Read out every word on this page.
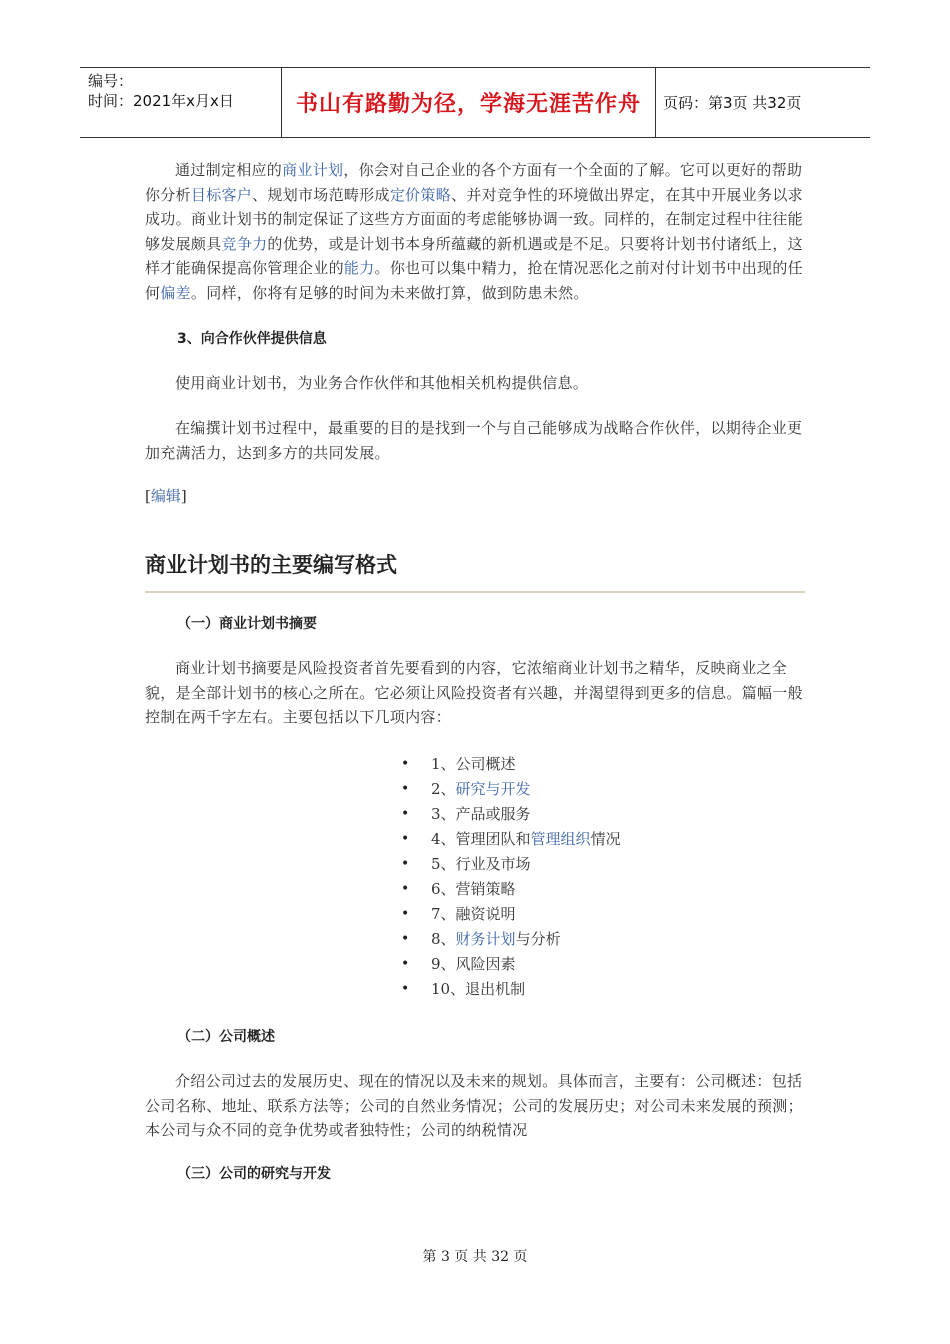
编号：
时间：2021年x月x日	书山有路勤为径，学海无涯苦作舟 页码：第3页 共32页

通过制定相应的商业计划，你会对自己企业的各个方面有一个全面的了解。它可以更好的帮助你分析目标客户、规划市场范畴形成定价策略、并对竞争性的环境做出界定，在其中开展业务以求成功。商业计划书的制定保证了这些方方面面的考虑能够协调一致。同样的，在制定过程中往往能够发展颇具竞争力的优势，或是计划书本身所蕴藏的新机遇或是不足。只要将计划书付诸纸上，这样才能确保提高你管理企业的能力。你也可以集中精力，抢在情况恶化之前对付计划书中出现的任何偏差。同样，你将有足够的时间为未来做打算，做到防患未然。

3、向合作伙伴提供信息

使用商业计划书，为业务合作伙伴和其他相关机构提供信息。

在编撰计划书过程中，最重要的目的是找到一个与自己能够成为战略合作伙伴，以期待企业更加充满活力，达到多方的共同发展。

[编辑]
商业计划书的主要编写格式
（一）商业计划书摘要

商业计划书摘要是风险投资者首先要看到的内容，它浓缩商业计划书之精华，反映商业之全貌，是全部计划书的核心之所在。它必须让风险投资者有兴趣，并渴望得到更多的信息。篇幅一般控制在两千字左右。主要包括以下几项内容：

• 1、公司概述
• 2、研究与开发
• 3、产品或服务
• 4、管理团队和管理组织情况
• 5、行业及市场
• 6、营销策略
• 7、融资说明
• 8、财务计划与分析
• 9、风险因素
• 10、退出机制
（二）公司概述

介绍公司过去的发展历史、现在的情况以及未来的规划。具体而言，主要有：公司概述：包括公司名称、地址、联系方法等；公司的自然业务情况；公司的发展历史；对公司未来发展的预测；本公司与众不同的竞争优势或者独特性；公司的纳税情况

（三）公司的研究与开发
第 3 页 共 32 页
